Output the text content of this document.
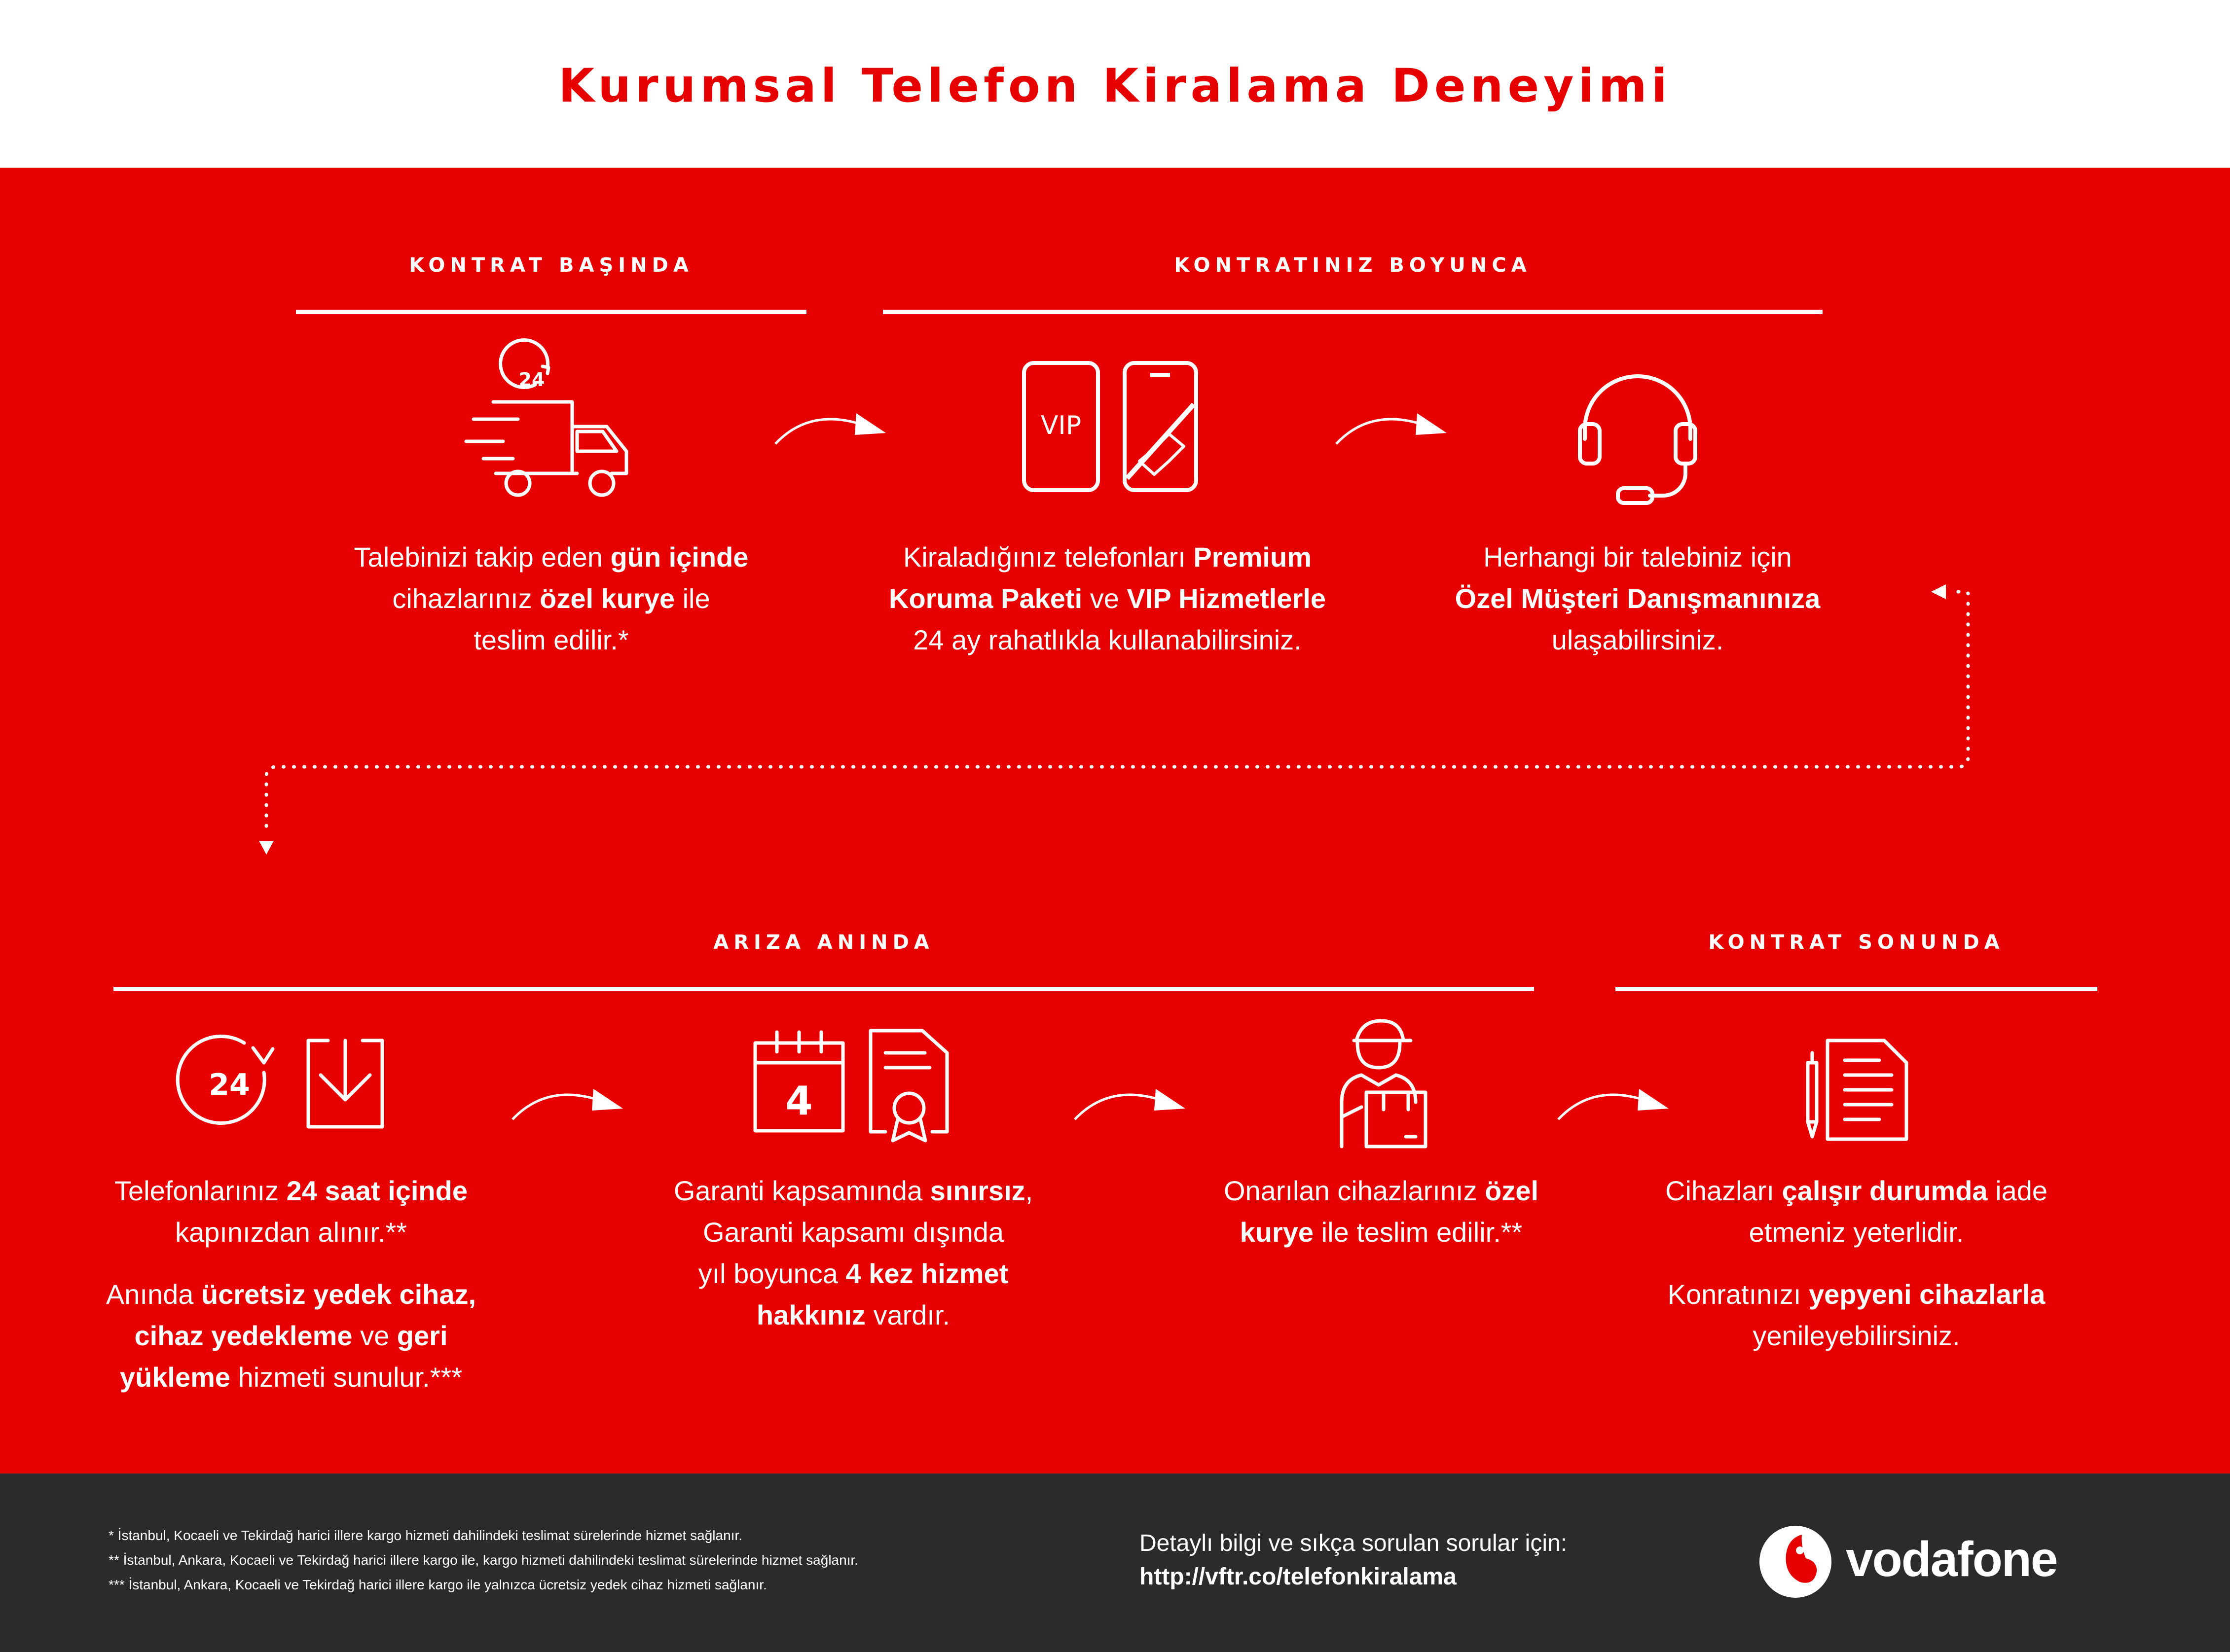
Kurumsal Telefon Kiralama Deneyimi
KONTRAT BAŞINDA	KONTRATINIZ BOYUNCA
ARIZA ANINDA	KONTRAT SONUNDA
24
Talebinizi takip eden gün içinde
cihazlarınız özel kurye ile
teslim edilir.*
VIP
Kiraladığınız telefonları Premium
Koruma Paketi ve VIP Hizmetlerle
24 ay rahatlıkla kullanabilirsiniz.
Herhangi bir talebiniz için
Özel Müşteri Danışmanınıza
ulaşabilirsiniz.
24
Telefonlarınız 24 saat içinde
kapınızdan alınır.**
Anında ücretsiz yedek cihaz,
cihaz yedekleme ve geri
yükleme hizmeti sunulur.***
4
Garanti kapsamında sınırsız,
Garanti kapsamı dışında
yıl boyunca 4 kez hizmet
hakkınız vardır.
Onarılan cihazlarınız özel
kurye ile teslim edilir.**
Cihazları çalışır durumda iade
etmeniz yeterlidir.
Konratınızı yepyeni cihazlarla
yenileyebilirsiniz.
* İstanbul, Kocaeli ve Tekirdağ harici illere kargo hizmeti dahilindeki teslimat sürelerinde hizmet sağlanır.
** İstanbul, Ankara, Kocaeli ve Tekirdağ harici illere kargo ile, kargo hizmeti dahilindeki teslimat sürelerinde hizmet sağlanır.
*** İstanbul, Ankara, Kocaeli ve Tekirdağ harici illere kargo ile yalnızca ücretsiz yedek cihaz hizmeti sağlanır.
Detaylı bilgi ve sıkça sorulan sorular için:
http://vftr.co/telefonkiralama	vodafone
